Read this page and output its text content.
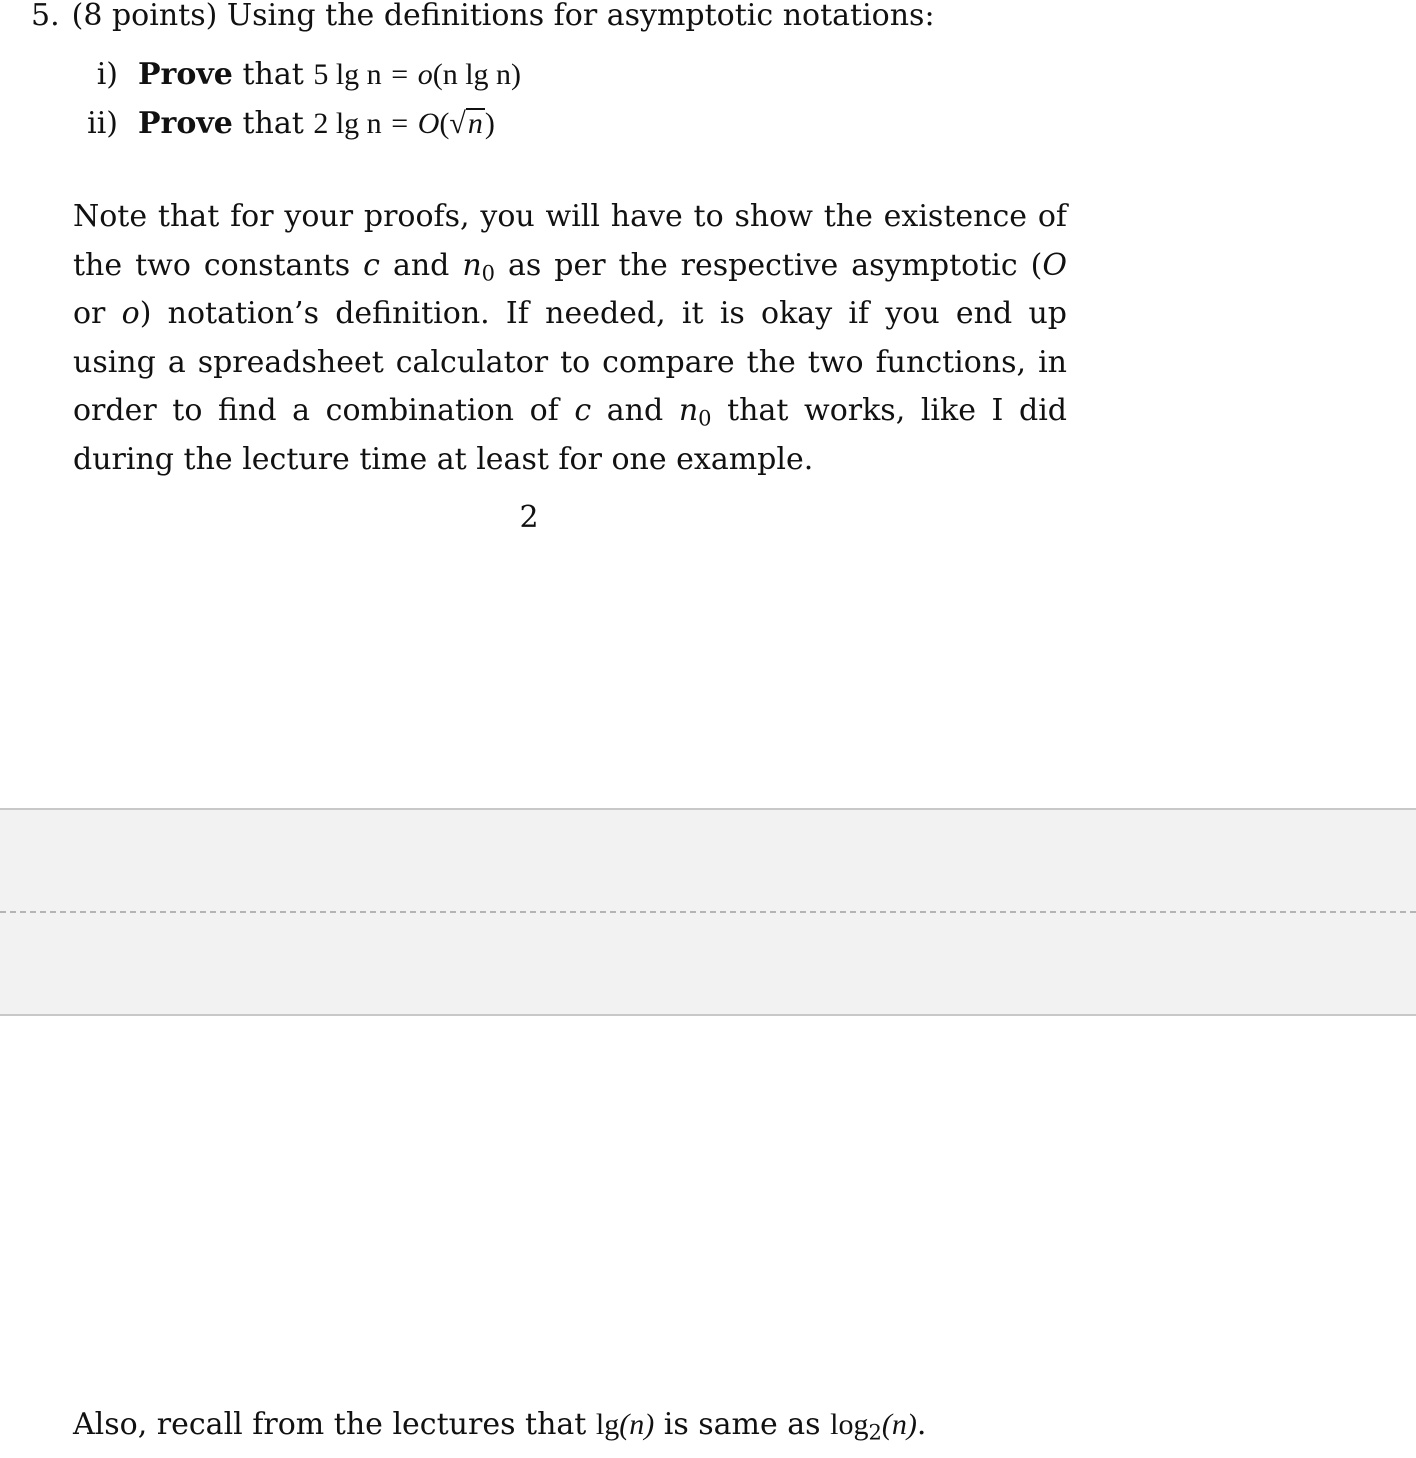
5. (8 points) Using the definitions for asymptotic notations:
i) Prove that 5 lg n = o(n lg n)
ii) Prove that 2 lg n = O(√n)

Note that for your proofs, you will have to show the existence of the two constants c and $n_0$ as per the respective asymptotic (O or o) notation’s definition. If needed, it is okay if you end up using a spreadsheet calculator to compare the two functions, in order to find a combination of c and $n_0$ that works, like I did during the lecture time at least for one example.

2
Also, recall from the lectures that lg(n) is same as $\log_2(n)$.
